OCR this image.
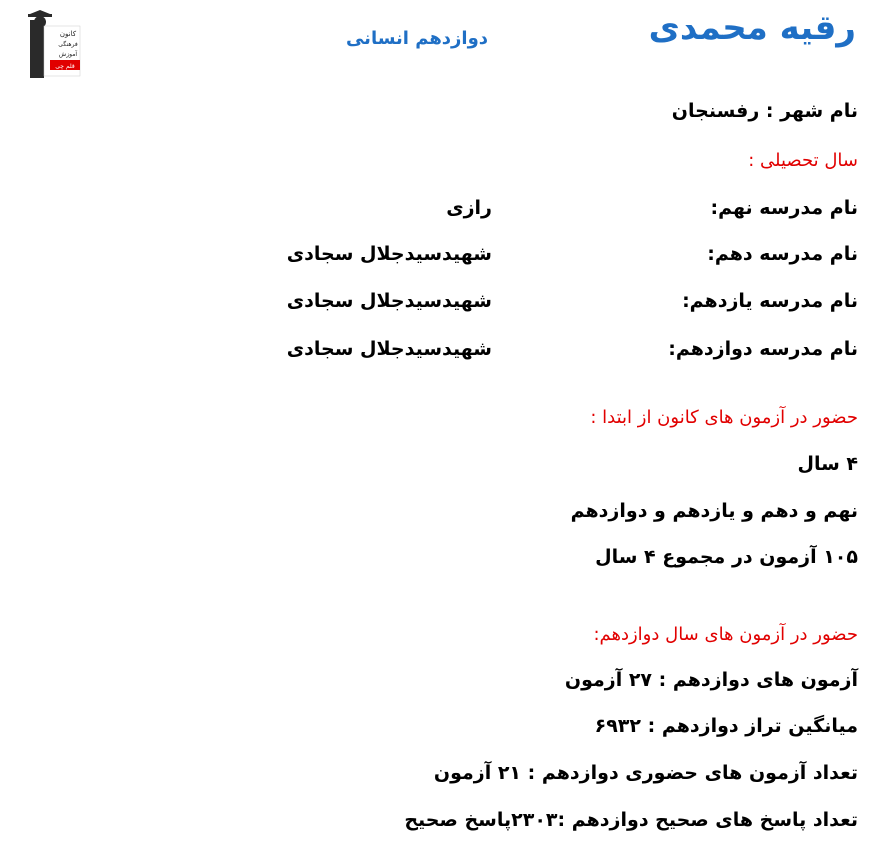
رقیه محمدی
دوازدهم انسانی
کانون
فرهنگی
آموزش
قلم چی
نام شهر : رفسنجان
سال تحصیلی :
نام مدرسه نهم:
رازی
نام مدرسه دهم:
شهیدسیدجلال سجادی
نام مدرسه یازدهم:
شهیدسیدجلال سجادی
نام مدرسه دوازدهم:
شهیدسیدجلال سجادی
حضور در آزمون های کانون از ابتدا :
۴ سال
نهم و دهم و یازدهم و دوازدهم
۱۰۵ آزمون در مجموع ۴ سال
حضور در آزمون های سال دوازدهم:
آزمون های دوازدهم : ۲۷ آزمون
میانگین تراز دوازدهم : ۶۹۳۲
تعداد آزمون های حضوری دوازدهم : ۲۱ آزمون
تعداد پاسخ های صحیح دوازدهم :۲۳۰۳پاسخ صحیح
